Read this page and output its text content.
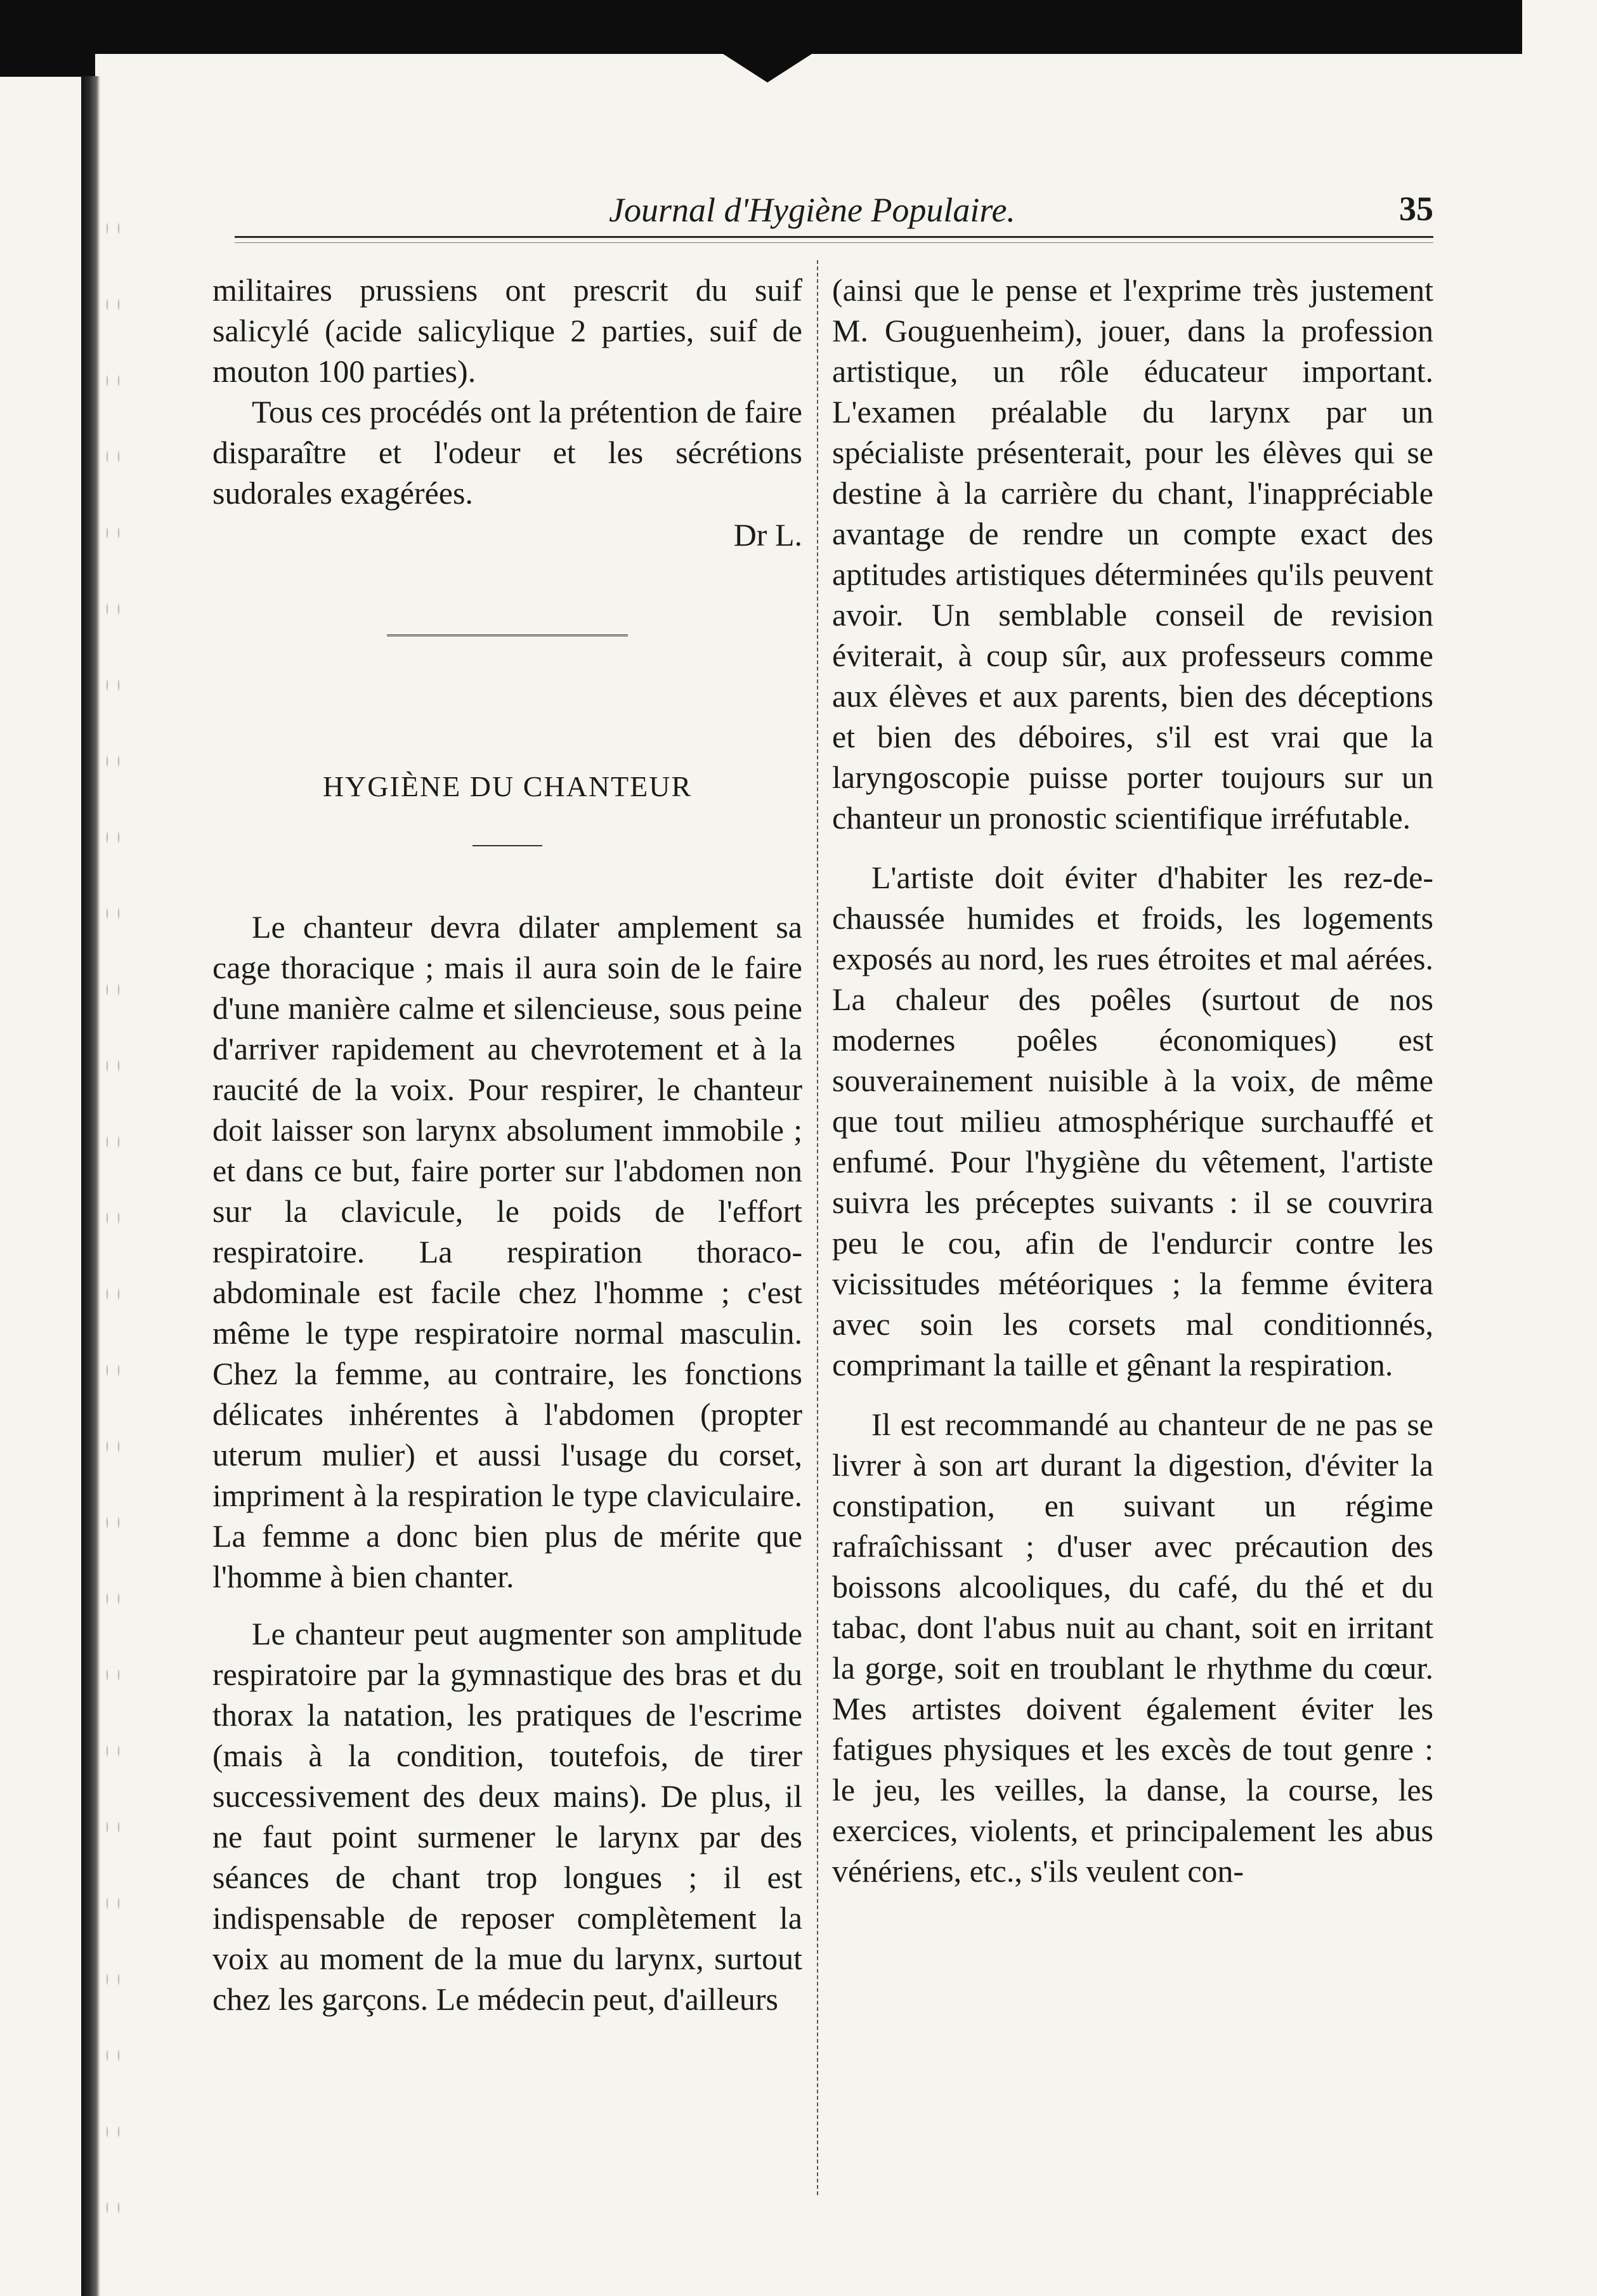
Journal d'Hygiène Populaire.	35

militaires prussiens ont prescrit du suif salicylé (acide salicylique 2 parties, suif de mouton 100 parties).

Tous ces procédés ont la prétention de faire disparaître et l'odeur et les sécrétions sudorales exagérées.

Dr L.

HYGIÈNE DU CHANTEUR

Le chanteur devra dilater amplement sa cage thoracique ; mais il aura soin de le faire d'une manière calme et silencieuse, sous peine d'arriver rapidement au chevrotement et à la raucité de la voix. Pour respirer, le chanteur doit laisser son larynx absolument immobile ; et dans ce but, faire porter sur l'abdomen non sur la clavicule, le poids de l'effort respiratoire. La respiration thoraco-abdominale est facile chez l'homme ; c'est même le type respiratoire normal masculin. Chez la femme, au contraire, les fonctions délicates inhérentes à l'abdomen (propter uterum mulier) et aussi l'usage du corset, impriment à la respiration le type claviculaire. La femme a donc bien plus de mérite que l'homme à bien chanter.

Le chanteur peut augmenter son amplitude respiratoire par la gymnastique des bras et du thorax la natation, les pratiques de l'escrime (mais à la condition, toutefois, de tirer successivement des deux mains). De plus, il ne faut point surmener le larynx par des séances de chant trop longues ; il est indispensable de reposer complètement la voix au moment de la mue du larynx, surtout chez les garçons. Le médecin peut, d'ailleurs

(ainsi que le pense et l'exprime très justement M. Gouguenheim), jouer, dans la profession artistique, un rôle éducateur important. L'examen préalable du larynx par un spécialiste présenterait, pour les élèves qui se destine à la carrière du chant, l'inappréciable avantage de rendre un compte exact des aptitudes artistiques déterminées qu'ils peuvent avoir. Un semblable conseil de revision éviterait, à coup sûr, aux professeurs comme aux élèves et aux parents, bien des déceptions et bien des déboires, s'il est vrai que la laryngoscopie puisse porter toujours sur un chanteur un pronostic scientifique irréfutable.

L'artiste doit éviter d'habiter les rez-de-chaussée humides et froids, les logements exposés au nord, les rues étroites et mal aérées. La chaleur des poêles (surtout de nos modernes poêles économiques) est souverainement nuisible à la voix, de même que tout milieu atmosphérique surchauffé et enfumé. Pour l'hygiène du vêtement, l'artiste suivra les préceptes suivants : il se couvrira peu le cou, afin de l'endurcir contre les vicissitudes météoriques ; la femme évitera avec soin les corsets mal conditionnés, comprimant la taille et gênant la respiration.

Il est recommandé au chanteur de ne pas se livrer à son art durant la digestion, d'éviter la constipation, en suivant un régime rafraîchissant ; d'user avec précaution des boissons alcooliques, du café, du thé et du tabac, dont l'abus nuit au chant, soit en irritant la gorge, soit en troublant le rhythme du cœur. Mes artistes doivent également éviter les fatigues physiques et les excès de tout genre : le jeu, les veilles, la danse, la course, les exercices, violents, et principalement les abus vénériens, etc., s'ils veulent con-
